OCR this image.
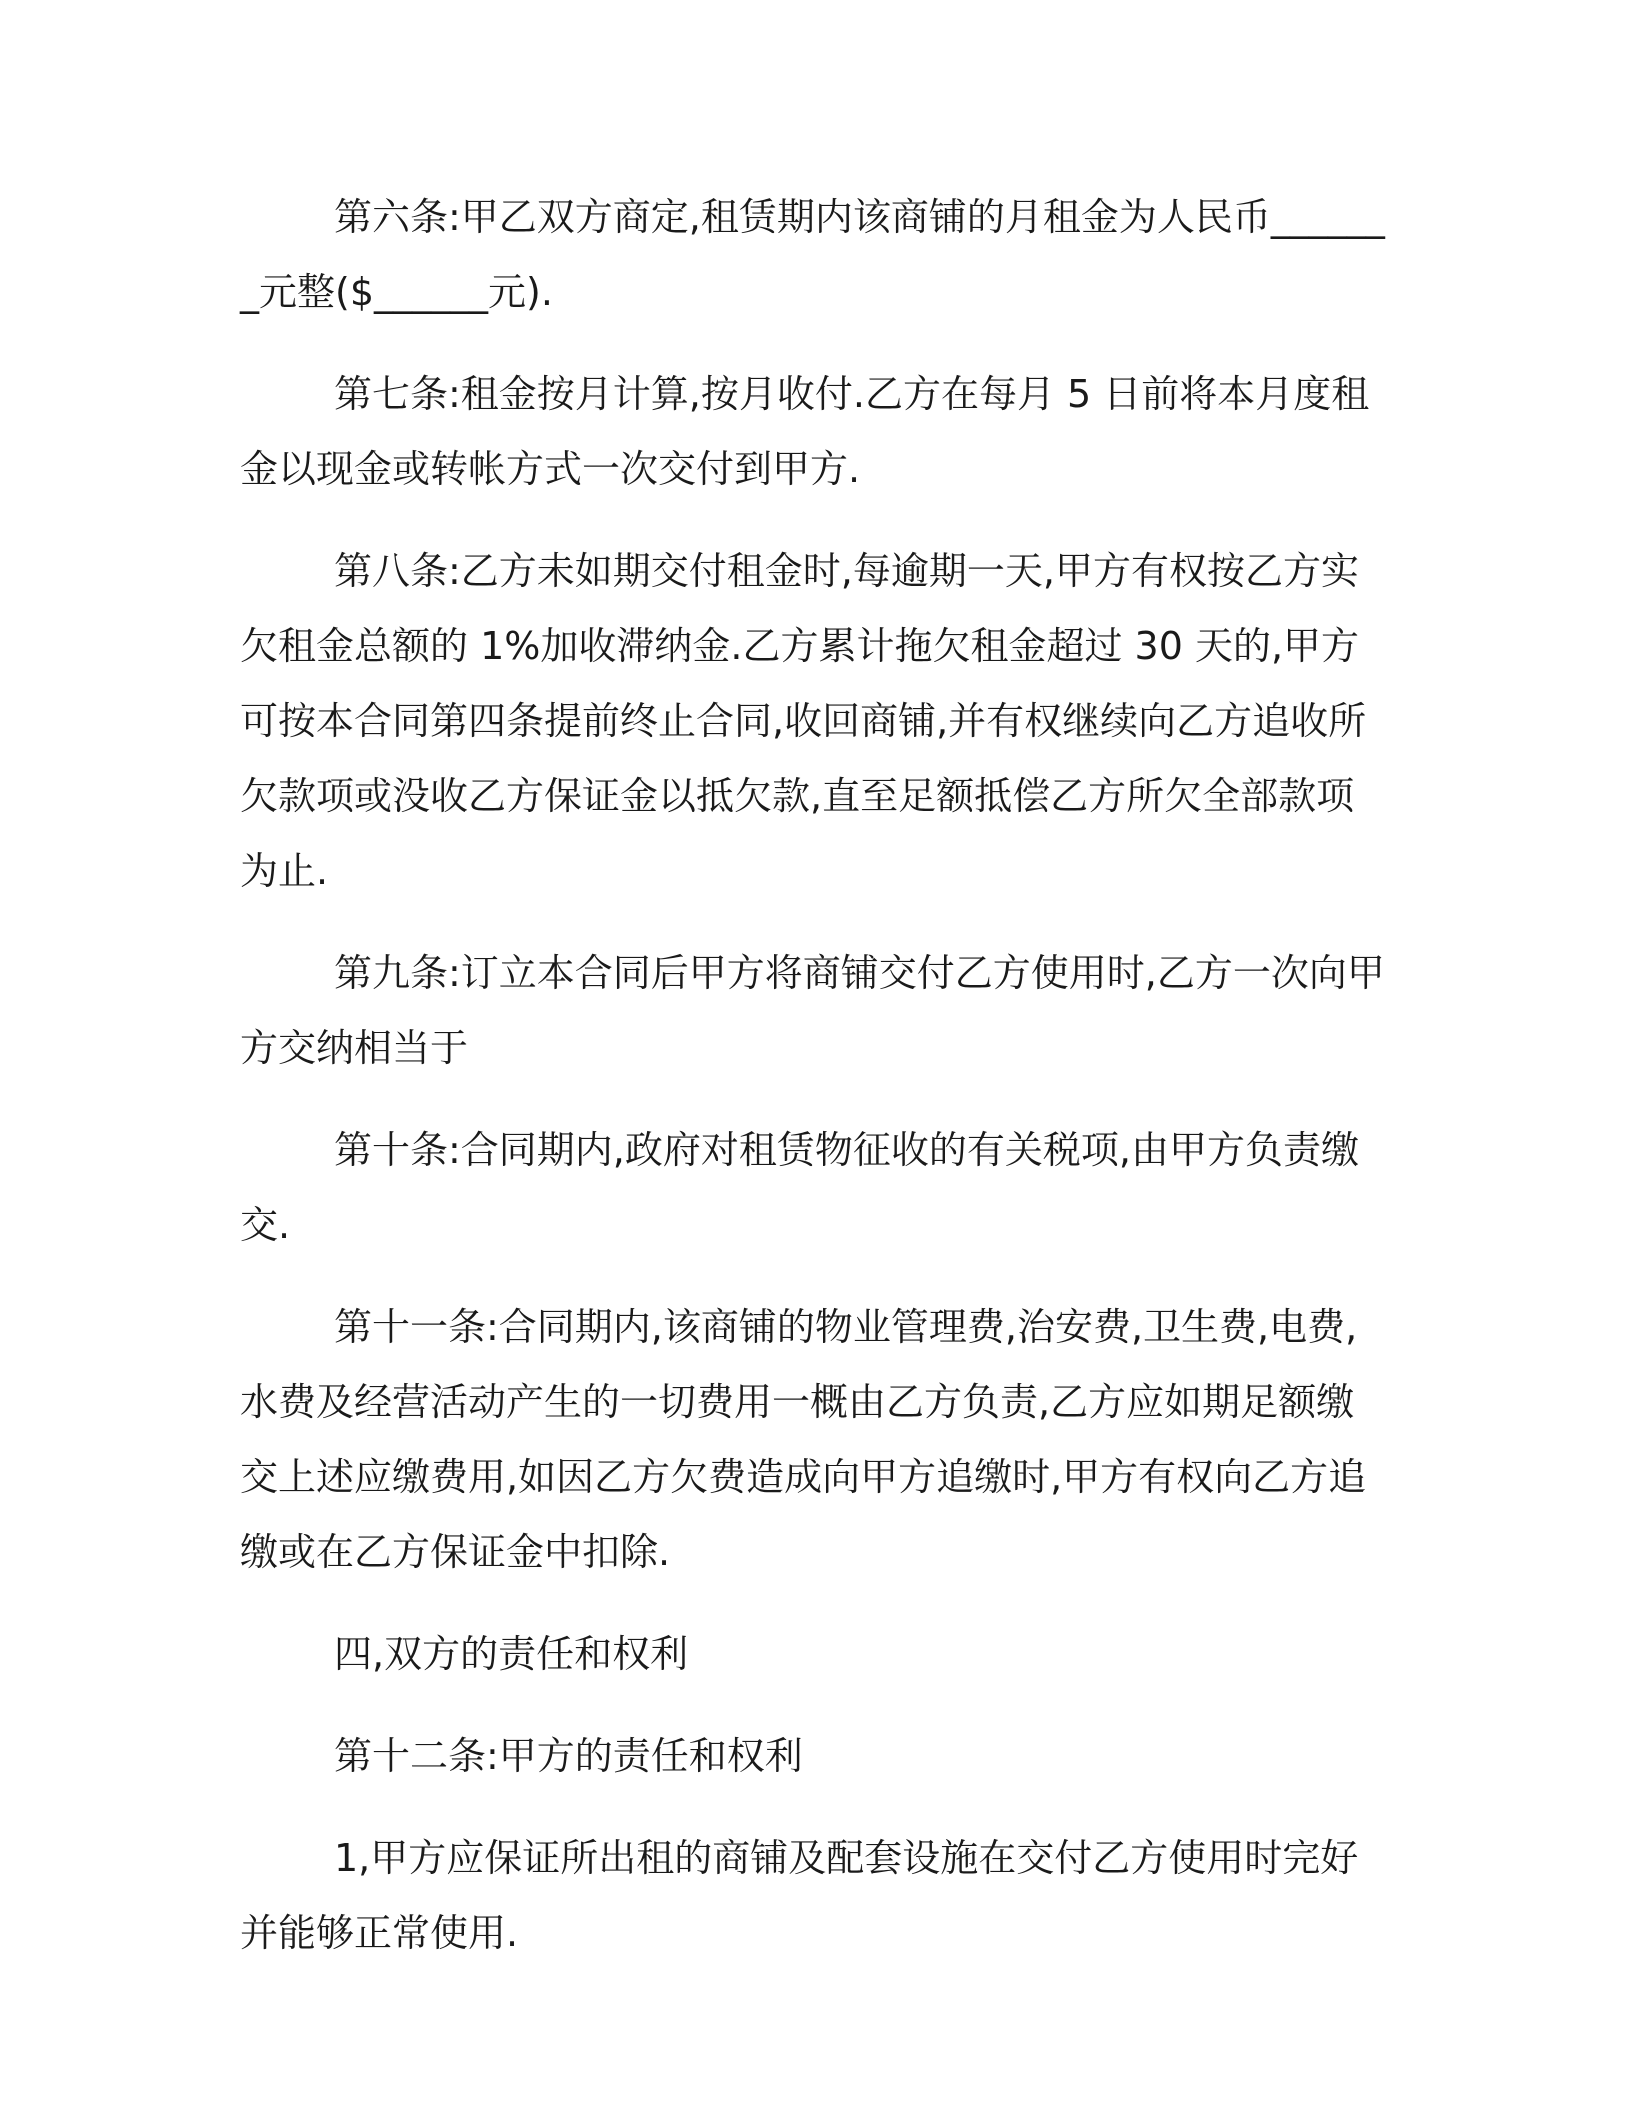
第六条:甲乙双方商定,租赁期内该商铺的月租金为人民币_______元整($______元).

第七条:租金按月计算,按月收付.乙方在每月 5 日前将本月度租金以现金或转帐方式一次交付到甲方.

第八条:乙方未如期交付租金时,每逾期一天,甲方有权按乙方实欠租金总额的 1%加收滞纳金.乙方累计拖欠租金超过 30 天的,甲方可按本合同第四条提前终止合同,收回商铺,并有权继续向乙方追收所欠款项或没收乙方保证金以抵欠款,直至足额抵偿乙方所欠全部款项为止.

第九条:订立本合同后甲方将商铺交付乙方使用时,乙方一次向甲方交纳相当于

第十条:合同期内,政府对租赁物征收的有关税项,由甲方负责缴交.

第十一条:合同期内,该商铺的物业管理费,治安费,卫生费,电费,水费及经营活动产生的一切费用一概由乙方负责,乙方应如期足额缴交上述应缴费用,如因乙方欠费造成向甲方追缴时,甲方有权向乙方追缴或在乙方保证金中扣除.

四,双方的责任和权利

第十二条:甲方的责任和权利

1,甲方应保证所出租的商铺及配套设施在交付乙方使用时完好并能够正常使用.
